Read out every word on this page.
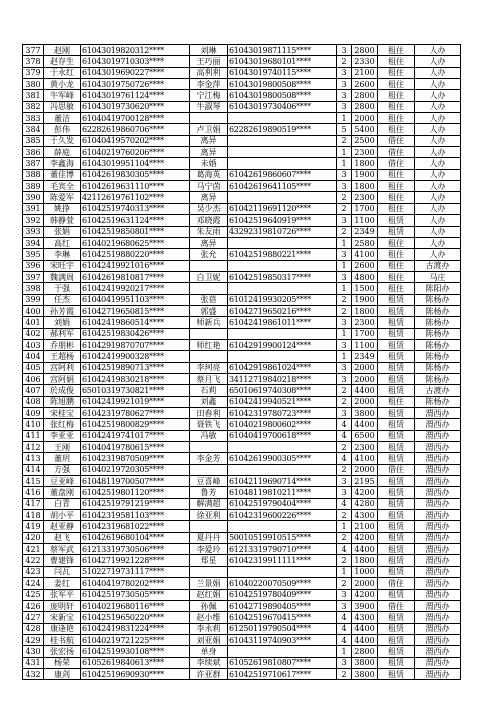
377	赵刚	61043019820312****	刘琳	61043019871115****	3	2800	租住	人办
378	赵存生	61043019710303****	王巧丽	61043019680101****	2	2330	租住	人办
379	于永红	61043019690227****	高利利	61043019740115****	3	2100	租住	人办
380	黄小龙	61043019750726****	李金萍	61043019800508****	3	2600	租住	人办
381	牛军峰	61043019761124****	宁江梅	61043019800508****	3	2800	租住	人办
382	冯思敏	61043019730620****	牛淑琴	61043019730406****	3	2800	租住	人办
383	董洁	61040419700128****			1	2000	租住	人办
384	彭伟	62282619860706****	卢卫娟	62282619890519****	5	5400	租住	人办
385	于久发	61040419570202****	离异		2	2500	借住	人办
386	薛庭	61040219760206****	离异		1	2300	借住	人办
387	李鑫海	61043019951104****	未婚		1	1800	借住	人办
388	董佳博	61042619830305****	葛海英	61042619860607****	3	1900	租住	人办
389	毛宾全	61042619631110****	马宁茵	61042619641105****	3	1800	租住	人办
390	陈爱军	42112619761102****	离异		2	2300	租住	人办
391	姚挣	61042519740313****	吴少杰	61042119691120****	2	1700	租住	人办
392	韩静萱	61042519631124****	邓晓霞	61042519640919****	3	1100	租赁	人办
393	张娟	61042519850801****	朱友雨	43292319810726****	2	2349	租赁	人办
394	高红	61040219680625****	离异		1	2580	租住	人办
395	李琳	61042519880220****	张允	61042519880221****	3	4100	租住	人办
396	宋旺宇	61042419921016****			1	2600	租住	古渡办
397	魏满周	61042619810817****	白卫妮	61042519850317****	3	4800	租住	马庄
398	于强	61042419920217****			1	1500	租住	陈阳办
399	任杰	61040419951103****	张蓓	61012419930205****	2	1900	租赁	陈杨办
400	孙芳霞	61042719650815****	郭盛	61042719650216****	2	1800	租赁	陈杨办
401	刘娟	61042419860514****	师新兵	61042419861011****	3	2300	租赁	陈杨办
402	郝利军	61042519830426****			1	1700	租赁	陈杨办
403	乔朋彬	61042919870707****	师红艳	61042919900124****	3	1100	租赁	陈杨办
404	王超杨	61042419900328****			1	2349	租赁	陈杨办
405	宫阿利	61042519890713****	李珂亮	61042919861024****	3	2000	租赁	陈杨办
406	宫阿娟	61042419830218****	蔡月飞	34112719840218****	3	2000	租赁	陈杨办
407	於成俊	65010319730821****	石莉	65010619740308****	2	4400	租赁	古渡办
408	陈旭鹏	61042419921019****	刘鑫	61042419940521****	2	2000	租住	陈杨办
409	宋桂宝	61042319780627****	田春利	61042319780723****	3	3800	租赁	渭西办
410	张红梅	61042519800829****	聂铁飞	61040219800602****	4	4400	租赁	渭西办
411	李亚亚	61042419741017****	冯敏	61040419700618****	4	6500	租赁	渭西办
412	王刚	61040419780615****			2	2300	租赁	渭西办
413	董玥	61042319870509****	李金芳	61042619900305****	4	4100	租赁	渭西办
414	方强	61040219720305****			2	2000	借住	渭西办
415	豆亚峰	61048119700507****	豆喜峰	61042119690714****	3	2195	租赁	渭西办
416	董盘刚	61042519801120****	鲁芳	61048119810211****	3	4200	租赁	渭西办
417	白青	61042519791219****	解满超	61042519790404****	4	4280	租赁	渭西办
418	胡小平	61042319581103****	徐亚利	61042319600226****	2	4300	租赁	渭西办
419	赵亚静	61042319681022****			1	2100	租赁	渭西办
420	赵飞	61042619680104****	夏丹丹	50010519910515****	2	4200	租赁	渭西办
421	蔡军武	61213319730506****	李爱玲	61213319790710****	4	4400	租赁	渭西办
422	曹建锋	61042719921228****	郑星	61042319911111****	2	1800	租赁	渭西办
423	闫瓦	51022719731117****			1	1000	租赁	渭西办
424	姜红	61040419780202****	兰景娟	61040220070509****	2	2000	借住	渭西办
425	张军平	61042519730505****	赵红娟	61042519780409****	3	4200	租赁	渭西办
426	庞明轩	61040219680116****	孙佩	61042719890405****	3	3900	借住	渭西办
427	宋新宝	61042519650220****	赵小维	61042519670415****	4	4300	租赁	渭西办
428	康逢艳	61042419831224****	李永莉	61250119790504****	4	4400	租赁	渭西办
429	桂书航	61040219721225****	刘亚娟	61043119740903****	4	4400	租赁	渭西办
430	张宏扬	61042519930108****	单身		1	2800	租赁	渭西办
431	杨荣	61052619840613****	李续斌	61052619810807****	3	3800	租赁	渭西办
432	康剑	61042519690930****	许亚群	61042519710617****	2	3800	租赁	渭西办
